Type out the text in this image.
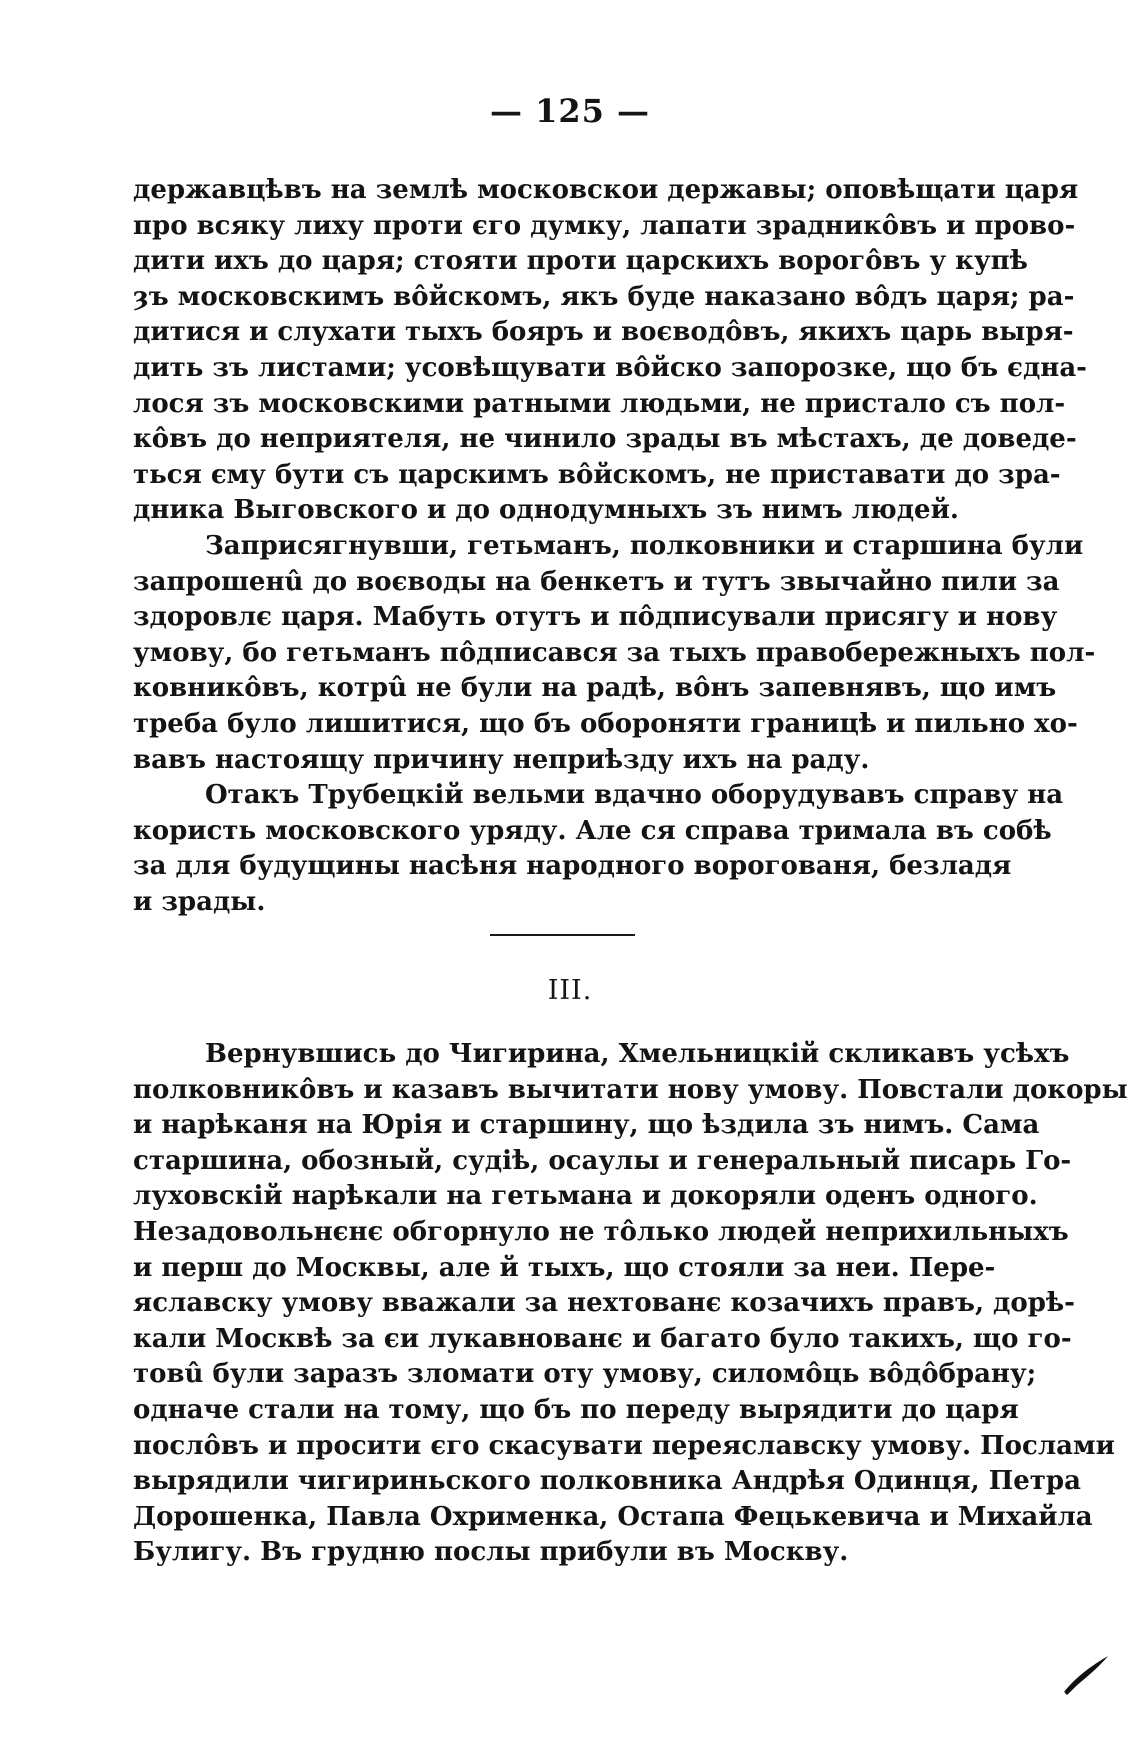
— 125 —
державцѣвъ на землѣ московскои державы; оповѣщати царя
про всяку лиху проти єго думку, лапати зрадникôвъ и прово-
дити ихъ до царя; стояти проти царскихъ ворогôвъ у купѣ
ȝъ московскимъ вôйскомъ, якъ буде наказано вôдъ царя; ра-
дитися и слухати тыхъ бояръ и воєводôвъ, якихъ царь выря-
дить зъ листами; усовѣщувати вôйско запорозке, що бъ єдна-
лося зъ московскими ратными людьми, не пристало съ пол-
кôвъ до неприятеля, не чинило зрады въ мѣстахъ, де доведе-
ться єму бути съ царскимъ вôйскомъ, не приставати до зра-
дника Выговского и до однодумныхъ зъ нимъ людей.
Заприсягнувши, гетьманъ, полковники и старшина були
запрошенû до воєводы на бенкетъ и тутъ звычайно пили за
здоровлє царя. Мабуть отутъ и пôдписували присягу и нову
умову, бо гетьманъ пôдписався за тыхъ правобережныхъ пол-
ковникôвъ, котрû не були на радѣ, вôнъ запевнявъ, що имъ
треба було лишитися, що бъ обороняти границѣ и пильно хо-
вавъ настоящу причину неприѣзду ихъ на раду.
Отакъ Трубецкій вельми вдачно оборудувавъ справу на
користь московского уряду. Але ся справа тримала въ собѣ
за для будущины насѣня народного ворогованя, безладя
и зрады.
III.
Вернувшись до Чигирина, Хмельницкій скликавъ усѣхъ
полковникôвъ и казавъ вычитати нову умову. Повстали докоры
и нарѣканя на Юрія и старшину, що ѣздила зъ нимъ. Сама
старшина, обозный, судіѣ, осаулы и генеральный писарь Го-
луховскій нарѣкали на гетьмана и докоряли оденъ одного.
Незадовольнєнє обгорнуло не тôлько людей неприхильныхъ
и перш до Москвы, але й тыхъ, що стояли за неи. Пере-
яславску умову вважали за нехтованє козачихъ правъ, дорѣ-
кали Москвѣ за єи лукавнованє и багато було такихъ, що го-
товû були заразъ зломати оту умову, силомôць вôдôбрану;
одначе стали на тому, що бъ по переду вырядити до царя
послôвъ и просити єго скасувати переяславску умову. Послами
вырядили чигириньского полковника Андрѣя Одинця, Петра
Дорошенка, Павла Охрименка, Остапа Фецькевича и Михайла
Булигу. Въ грудню послы прибули въ Москву.
